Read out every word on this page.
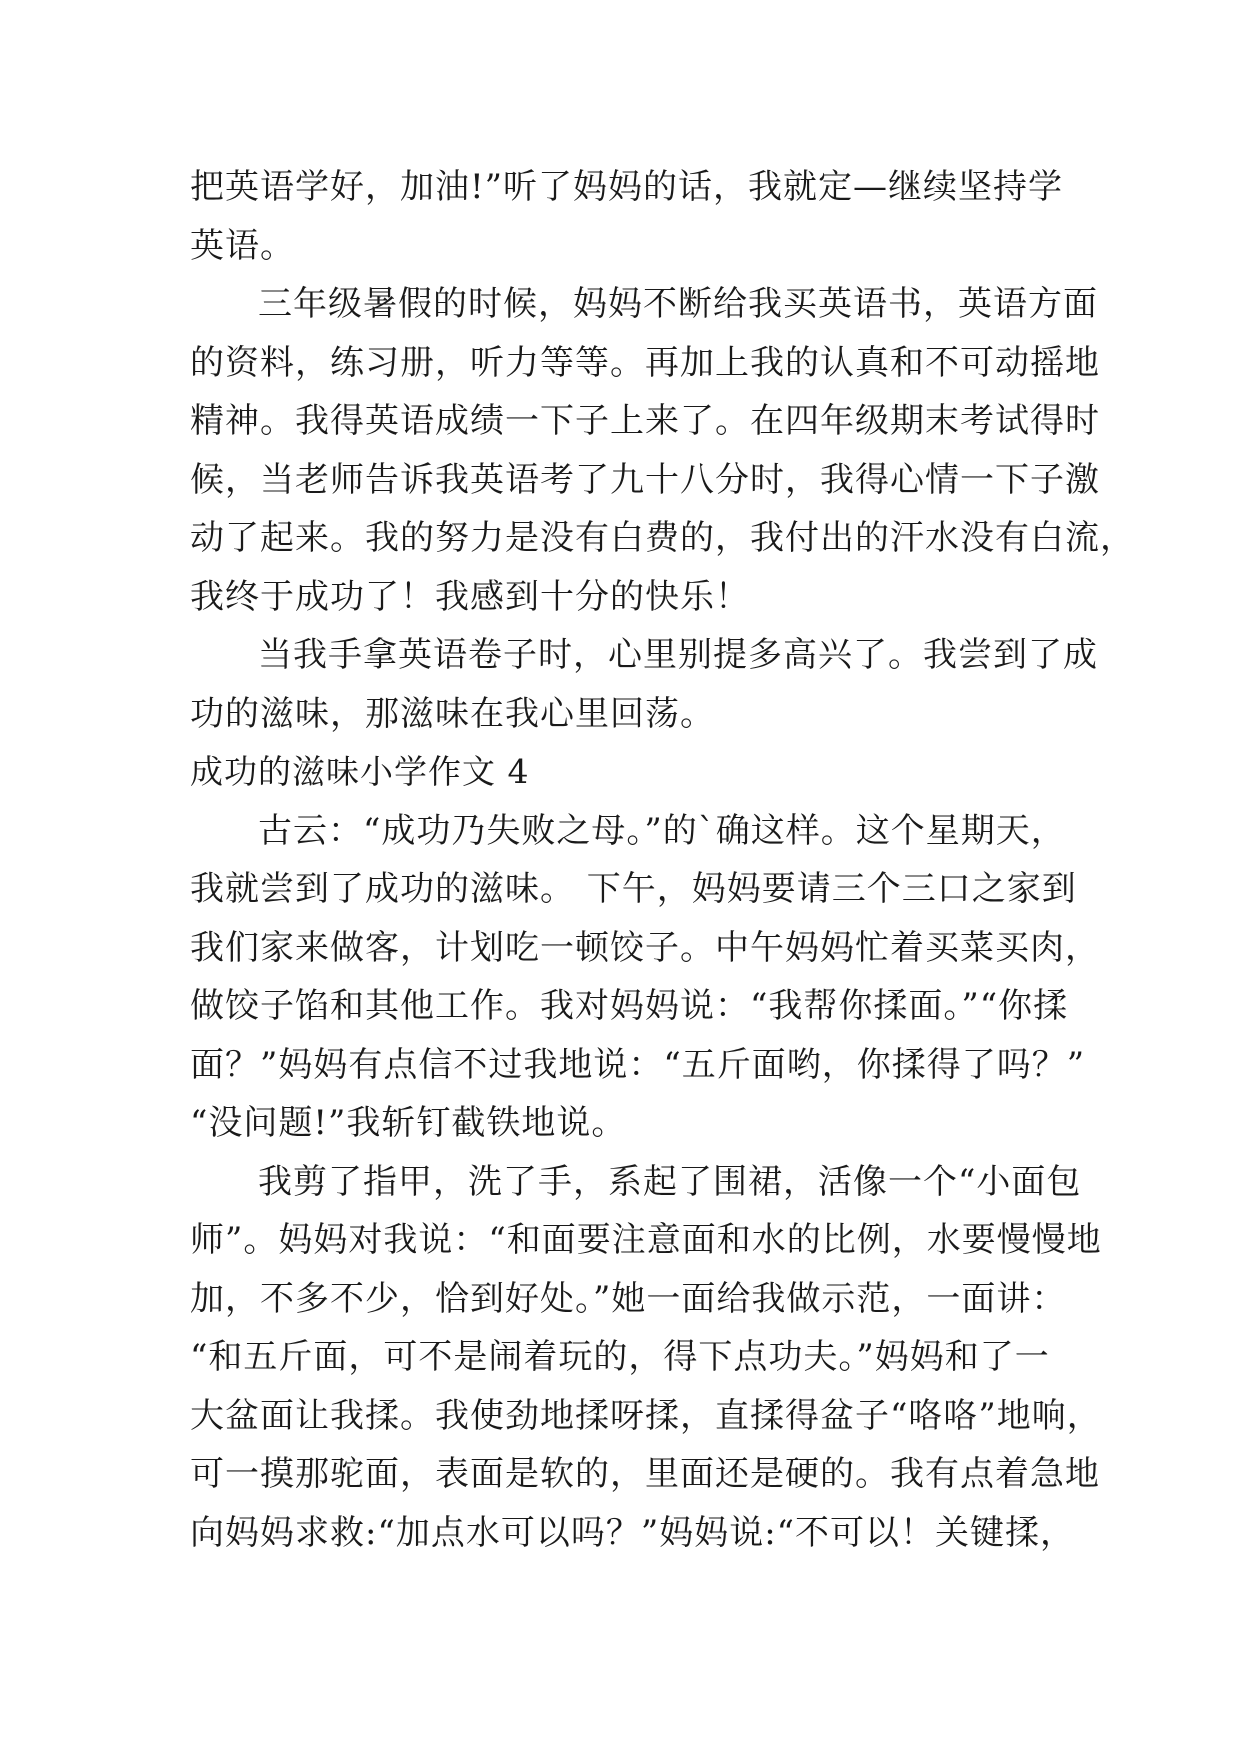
把英语学好，加油!”听了妈妈的话，我就定—继续坚持学
英语。
三年级暑假的时候，妈妈不断给我买英语书，英语方面
的资料，练习册，听力等等。再加上我的认真和不可动摇地
精神。我得英语成绩一下子上来了。在四年级期末考试得时
候，当老师告诉我英语考了九十八分时，我得心情一下子激
动了起来。我的努力是没有白费的，我付出的汗水没有白流，
我终于成功了！我感到十分的快乐！
当我手拿英语卷子时，心里别提多高兴了。我尝到了成
功的滋味，那滋味在我心里回荡。
成功的滋味小学作文 4
古云：“成功乃失败之母。”的`确这样。这个星期天，
我就尝到了成功的滋味。 下午，妈妈要请三个三口之家到
我们家来做客，计划吃一顿饺子。中午妈妈忙着买菜买肉，
做饺子馅和其他工作。我对妈妈说：“我帮你揉面。”“你揉
面？”妈妈有点信不过我地说：“五斤面哟，你揉得了吗？”
“没问题!”我斩钉截铁地说。
我剪了指甲，洗了手，系起了围裙，活像一个“小面包
师”。妈妈对我说：“和面要注意面和水的比例，水要慢慢地
加，不多不少，恰到好处。”她一面给我做示范，一面讲：
“和五斤面，可不是闹着玩的，得下点功夫。”妈妈和了一
大盆面让我揉。我使劲地揉呀揉，直揉得盆子“咯咯”地响，
可一摸那驼面，表面是软的，里面还是硬的。我有点着急地
向妈妈求救:“加点水可以吗？”妈妈说:“不可以！关键揉，
